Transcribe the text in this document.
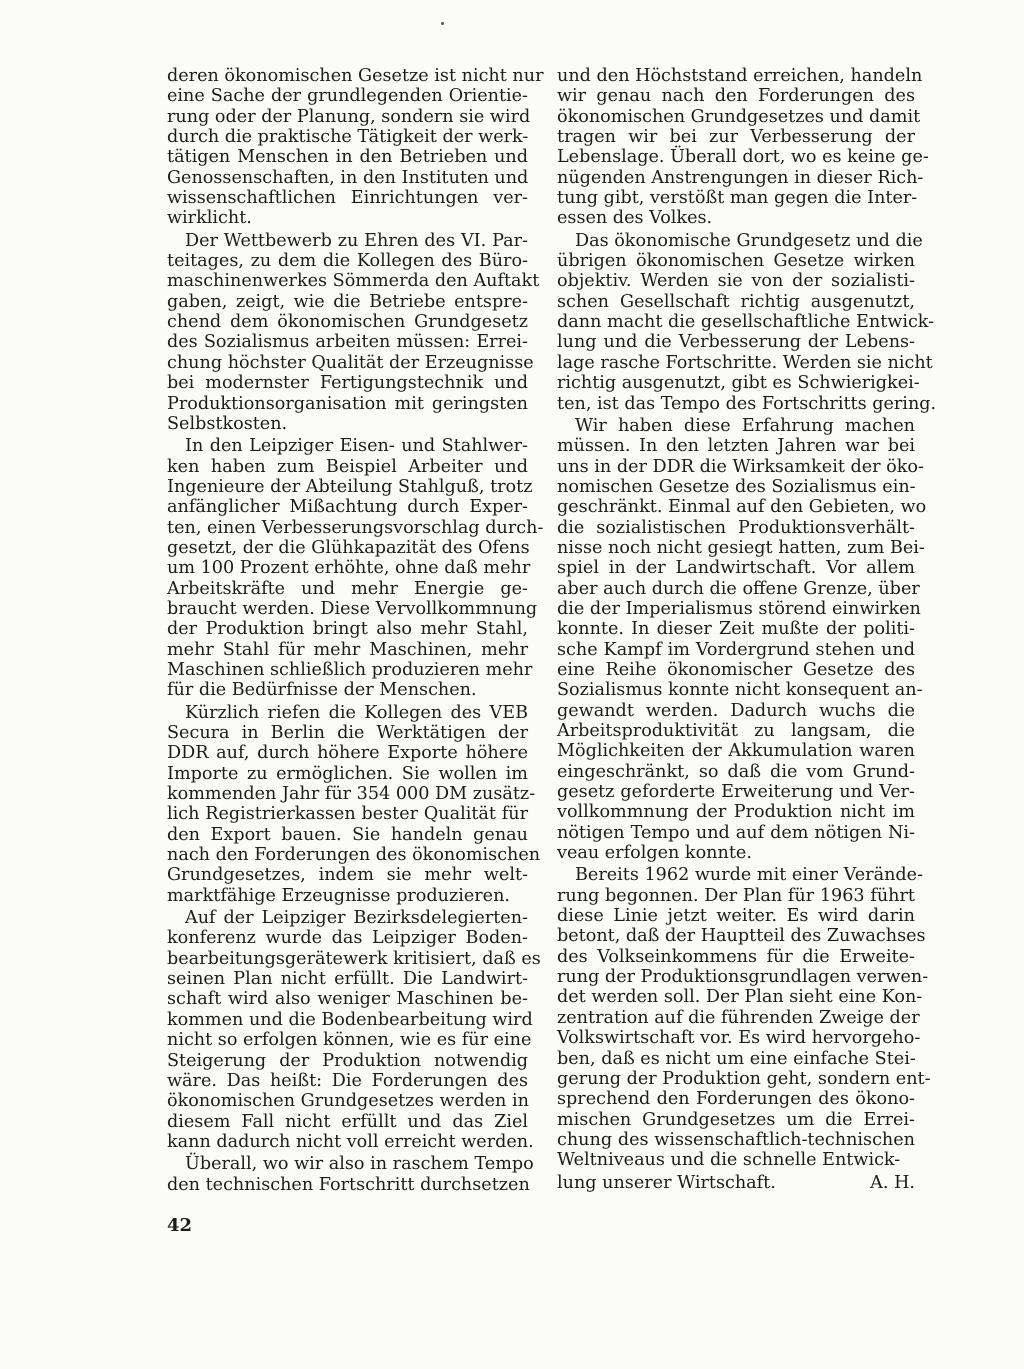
deren ökonomischen Gesetze ist nicht nur
eine Sache der grundlegenden Orientie-
rung oder der Planung, sondern sie wird
durch die praktische Tätigkeit der werk-
tätigen Menschen in den Betrieben und
Genossenschaften, in den Instituten und
wissenschaftlichen Einrichtungen ver-
wirklicht.
Der Wettbewerb zu Ehren des VI. Par-
teitages, zu dem die Kollegen des Büro-
maschinenwerkes Sömmerda den Auftakt
gaben, zeigt, wie die Betriebe entspre-
chend dem ökonomischen Grundgesetz
des Sozialismus arbeiten müssen: Errei-
chung höchster Qualität der Erzeugnisse
bei modernster Fertigungstechnik und
Produktionsorganisation mit geringsten
Selbstkosten.
In den Leipziger Eisen- und Stahlwer-
ken haben zum Beispiel Arbeiter und
Ingenieure der Abteilung Stahlguß, trotz
anfänglicher Mißachtung durch Exper-
ten, einen Verbesserungsvorschlag durch-
gesetzt, der die Glühkapazität des Ofens
um 100 Prozent erhöhte, ohne daß mehr
Arbeitskräfte und mehr Energie ge-
braucht werden. Diese Vervollkommnung
der Produktion bringt also mehr Stahl,
mehr Stahl für mehr Maschinen, mehr
Maschinen schließlich produzieren mehr
für die Bedürfnisse der Menschen.
Kürzlich riefen die Kollegen des VEB
Secura in Berlin die Werktätigen der
DDR auf, durch höhere Exporte höhere
Importe zu ermöglichen. Sie wollen im
kommenden Jahr für 354 000 DM zusätz-
lich Registrierkassen bester Qualität für
den Export bauen. Sie handeln genau
nach den Forderungen des ökonomischen
Grundgesetzes, indem sie mehr welt-
marktfähige Erzeugnisse produzieren.
Auf der Leipziger Bezirksdelegierten-
konferenz wurde das Leipziger Boden-
bearbeitungsgerätewerk kritisiert, daß es
seinen Plan nicht erfüllt. Die Landwirt-
schaft wird also weniger Maschinen be-
kommen und die Bodenbearbeitung wird
nicht so erfolgen können, wie es für eine
Steigerung der Produktion notwendig
wäre. Das heißt: Die Forderungen des
ökonomischen Grundgesetzes werden in
diesem Fall nicht erfüllt und das Ziel
kann dadurch nicht voll erreicht werden.
Überall, wo wir also in raschem Tempo
den technischen Fortschritt durchsetzen
und den Höchststand erreichen, handeln
wir genau nach den Forderungen des
ökonomischen Grundgesetzes und damit
tragen wir bei zur Verbesserung der
Lebenslage. Überall dort, wo es keine ge-
nügenden Anstrengungen in dieser Rich-
tung gibt, verstößt man gegen die Inter-
essen des Volkes.
Das ökonomische Grundgesetz und die
übrigen ökonomischen Gesetze wirken
objektiv. Werden sie von der sozialisti-
schen Gesellschaft richtig ausgenutzt,
dann macht die gesellschaftliche Entwick-
lung und die Verbesserung der Lebens-
lage rasche Fortschritte. Werden sie nicht
richtig ausgenutzt, gibt es Schwierigkei-
ten, ist das Tempo des Fortschritts gering.
Wir haben diese Erfahrung machen
müssen. In den letzten Jahren war bei
uns in der DDR die Wirksamkeit der öko-
nomischen Gesetze des Sozialismus ein-
geschränkt. Einmal auf den Gebieten, wo
die sozialistischen Produktionsverhält-
nisse noch nicht gesiegt hatten, zum Bei-
spiel in der Landwirtschaft. Vor allem
aber auch durch die offene Grenze, über
die der Imperialismus störend einwirken
konnte. In dieser Zeit mußte der politi-
sche Kampf im Vordergrund stehen und
eine Reihe ökonomischer Gesetze des
Sozialismus konnte nicht konsequent an-
gewandt werden. Dadurch wuchs die
Arbeitsproduktivität zu langsam, die
Möglichkeiten der Akkumulation waren
eingeschränkt, so daß die vom Grund-
gesetz geforderte Erweiterung und Ver-
vollkommnung der Produktion nicht im
nötigen Tempo und auf dem nötigen Ni-
veau erfolgen konnte.
Bereits 1962 wurde mit einer Verände-
rung begonnen. Der Plan für 1963 führt
diese Linie jetzt weiter. Es wird darin
betont, daß der Hauptteil des Zuwachses
des Volkseinkommens für die Erweite-
rung der Produktionsgrundlagen verwen-
det werden soll. Der Plan sieht eine Kon-
zentration auf die führenden Zweige der
Volkswirtschaft vor. Es wird hervorgeho-
ben, daß es nicht um eine einfache Stei-
gerung der Produktion geht, sondern ent-
sprechend den Forderungen des ökono-
mischen Grundgesetzes um die Errei-
chung des wissenschaftlich-technischen
Weltniveaus und die schnelle Entwick-
lung unserer Wirtschaft.	A. H.
42
